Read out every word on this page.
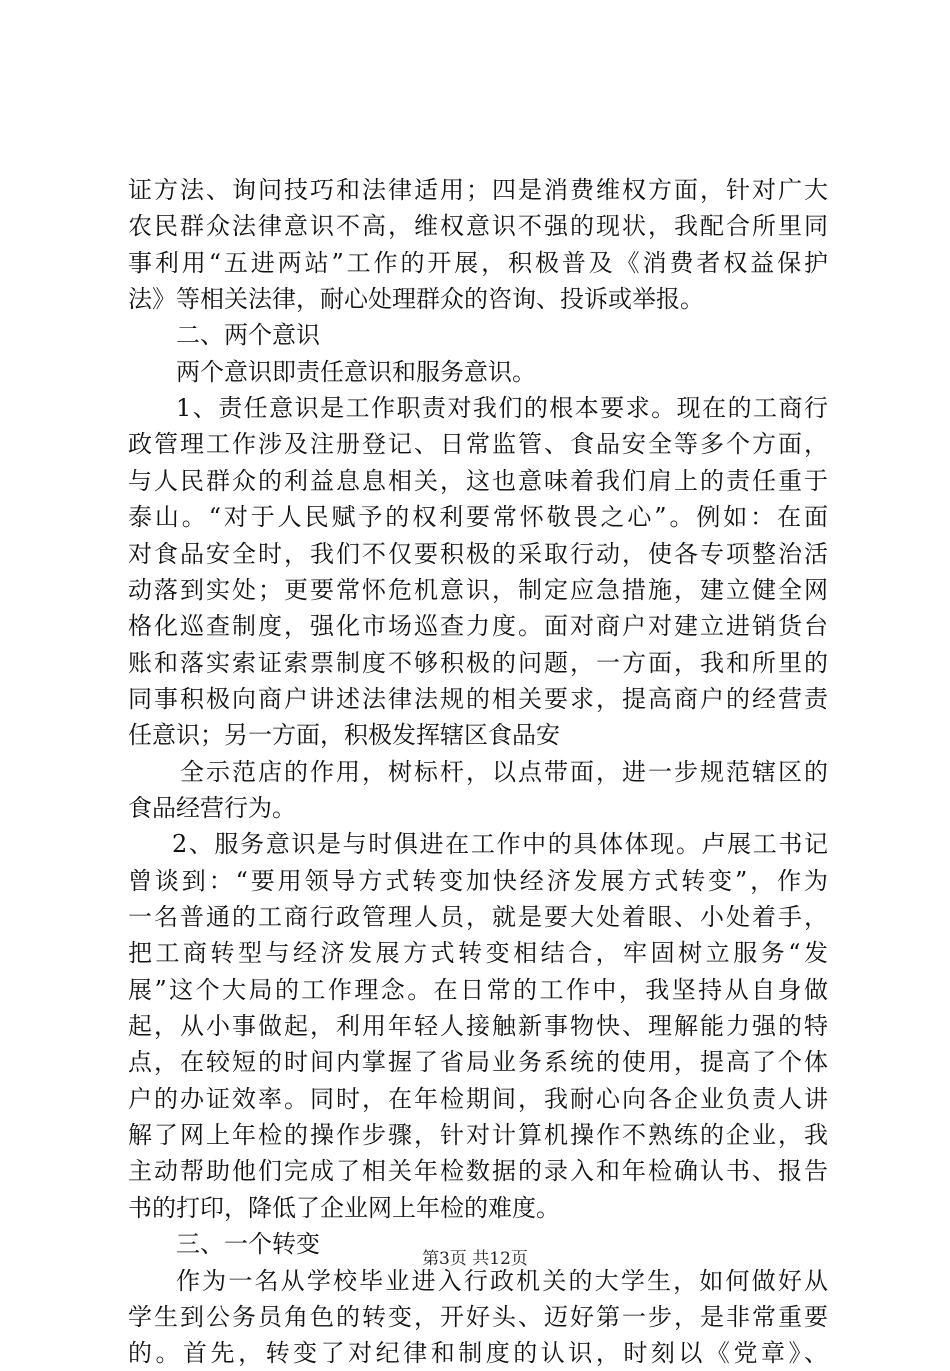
证方法、询问技巧和法律适用；四是消费维权方面，针对广大
农民群众法律意识不高，维权意识不强的现状，我配合所里同
事利用“五进两站”工作的开展，积极普及《消费者权益保护
法》等相关法律，耐心处理群众的咨询、投诉或举报。
二、两个意识
两个意识即责任意识和服务意识。
1、责任意识是工作职责对我们的根本要求。现在的工商行
政管理工作涉及注册登记、日常监管、食品安全等多个方面，
与人民群众的利益息息相关，这也意味着我们肩上的责任重于
泰山。“对于人民赋予的权利要常怀敬畏之心”。例如：在面
对食品安全时，我们不仅要积极的采取行动，使各专项整治活
动落到实处；更要常怀危机意识，制定应急措施，建立健全网
格化巡查制度，强化市场巡查力度。面对商户对建立进销货台
账和落实索证索票制度不够积极的问题，一方面，我和所里的
同事积极向商户讲述法律法规的相关要求，提高商户的经营责
任意识；另一方面，积极发挥辖区食品安
全示范店的作用，树标杆，以点带面，进一步规范辖区的
食品经营行为。
2、服务意识是与时俱进在工作中的具体体现。卢展工书记
曾谈到：“要用领导方式转变加快经济发展方式转变”，作为
一名普通的工商行政管理人员，就是要大处着眼、小处着手，
把工商转型与经济发展方式转变相结合，牢固树立服务“发
展”这个大局的工作理念。在日常的工作中，我坚持从自身做
起，从小事做起，利用年轻人接触新事物快、理解能力强的特
点，在较短的时间内掌握了省局业务系统的使用，提高了个体
户的办证效率。同时，在年检期间，我耐心向各企业负责人讲
解了网上年检的操作步骤，针对计算机操作不熟练的企业，我
主动帮助他们完成了相关年检数据的录入和年检确认书、报告
书的打印，降低了企业网上年检的难度。
三、一个转变
作为一名从学校毕业进入行政机关的大学生，如何做好从
学生到公务员角色的转变，开好头、迈好第一步，是非常重要
的。首先，转变了对纪律和制度的认识，时刻以《党章》、
第3页 共12页
